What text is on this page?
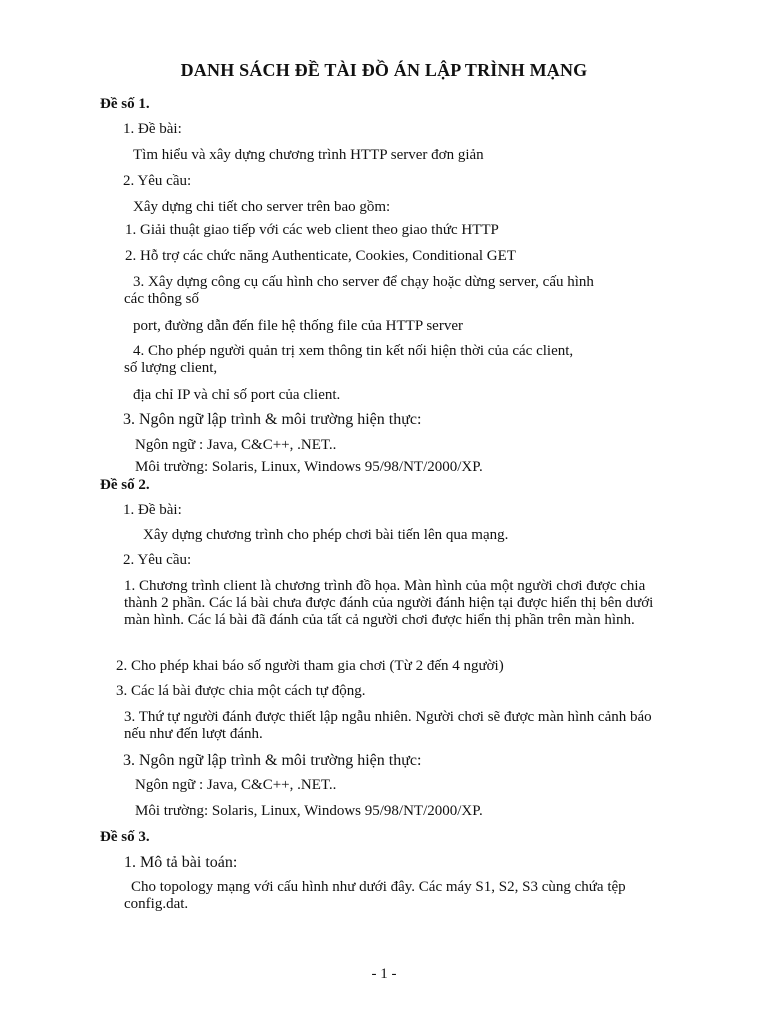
DANH SÁCH ĐỀ TÀI ĐỒ ÁN LẬP TRÌNH MẠNG
Đề số 1.
1. Đề bài:
Tìm hiểu và xây dựng chương trình HTTP server đơn giản
2. Yêu cầu:
Xây dựng chi tiết cho server trên bao gồm:
1. Giải thuật giao tiếp với các web client theo giao thức HTTP
2. Hỗ trợ các chức năng Authenticate, Cookies, Conditional GET
3. Xây dựng công cụ cấu hình cho server để chạy hoặc dừng server, cấu hình
các thông số
port, đường dẫn đến file hệ thống file của HTTP server
4. Cho phép người quản trị xem thông tin kết nối hiện thời của các client,
số lượng client,
địa chỉ IP và chỉ số port của client.
3. Ngôn ngữ lập trình & môi trường hiện thực:
Ngôn ngữ : Java, C&C++, .NET..
Môi trường: Solaris, Linux, Windows 95/98/NT/2000/XP.
Đề số 2.
1. Đề bài:
Xây dựng chương trình cho phép chơi bài tiến lên qua mạng.
2. Yêu cầu:
1. Chương trình client là chương trình đồ họa. Màn hình của một người chơi được chia thành 2 phần. Các lá bài chưa được đánh của người đánh hiện tại được hiển thị bên dưới màn hình. Các lá bài đã đánh của tất cả người chơi được hiển thị phần trên màn hình.
2. Cho phép khai báo số người tham gia chơi (Từ 2 đến 4 người)
3. Các lá bài được chia một cách tự động.
3. Thứ tự người đánh được thiết lập ngẫu nhiên. Người chơi sẽ được màn hình cảnh báo nếu như đến lượt đánh.
3. Ngôn ngữ lập trình & môi trường hiện thực:
Ngôn ngữ : Java, C&C++, .NET..
Môi trường: Solaris, Linux, Windows 95/98/NT/2000/XP.
Đề số 3.
1. Mô tả bài toán:
Cho topology mạng với cấu hình như dưới đây. Các máy S1, S2, S3 cùng chứa tệp config.dat.
- 1 -
